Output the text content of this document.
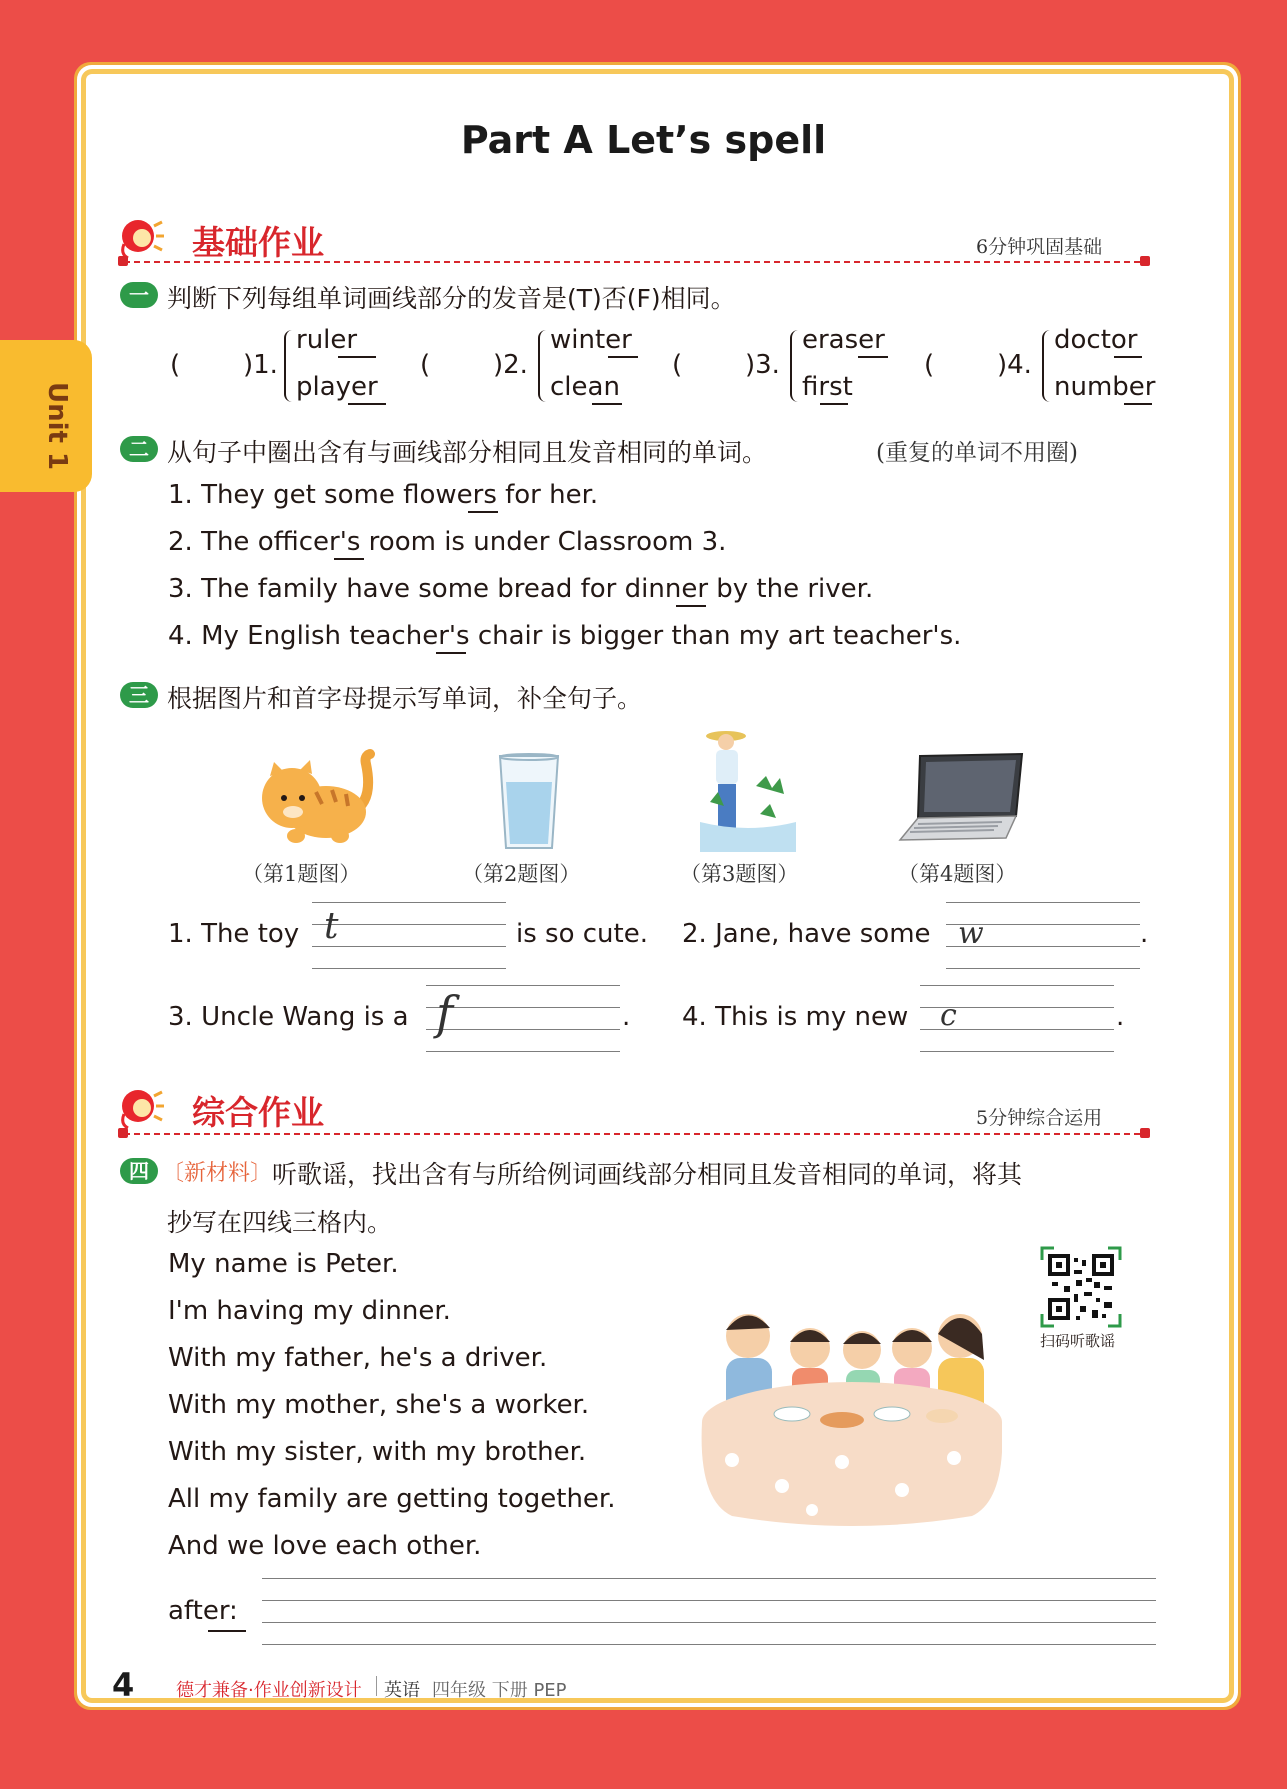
Unit 1
Part A Let’s spell
基础作业	6分钟巩固基础
一 判断下列每组单词画线部分的发音是(T)否(F)相同。
( )1.
ruler
player
( )2.
winter
clean
( )3.
eraser
first
( )4.
doctor
number
二 从句子中圈出含有与画线部分相同且发音相同的单词。	(重复的单词不用圈)
1. They get some flowers for her.
2. The officer's room is under Classroom 3.
3. The family have some bread for dinner by the river.
4. My English teacher's chair is bigger than my art teacher's.
三 根据图片和首字母提示写单词，补全句子。
（第1题图）	（第2题图）	（第3题图）	（第4题图）
1. The toy t	is so cute. 2. Jane, have some w	.
3. Uncle Wang is a f	. 4. This is my new c	.
综合作业	5分钟综合运用
四 〔新材料〕 听歌谣，找出含有与所给例词画线部分相同且发音相同的单词，将其
抄写在四线三格内。
My name is Peter.
I'm having my dinner.
With my father, he's a driver.
With my mother, she's a worker.
With my sister, with my brother.
All my family are getting together.
And we love each other.
扫码听歌谣
after:
4 德才兼备·作业创新设计 英语 四年级 下册 PEP
